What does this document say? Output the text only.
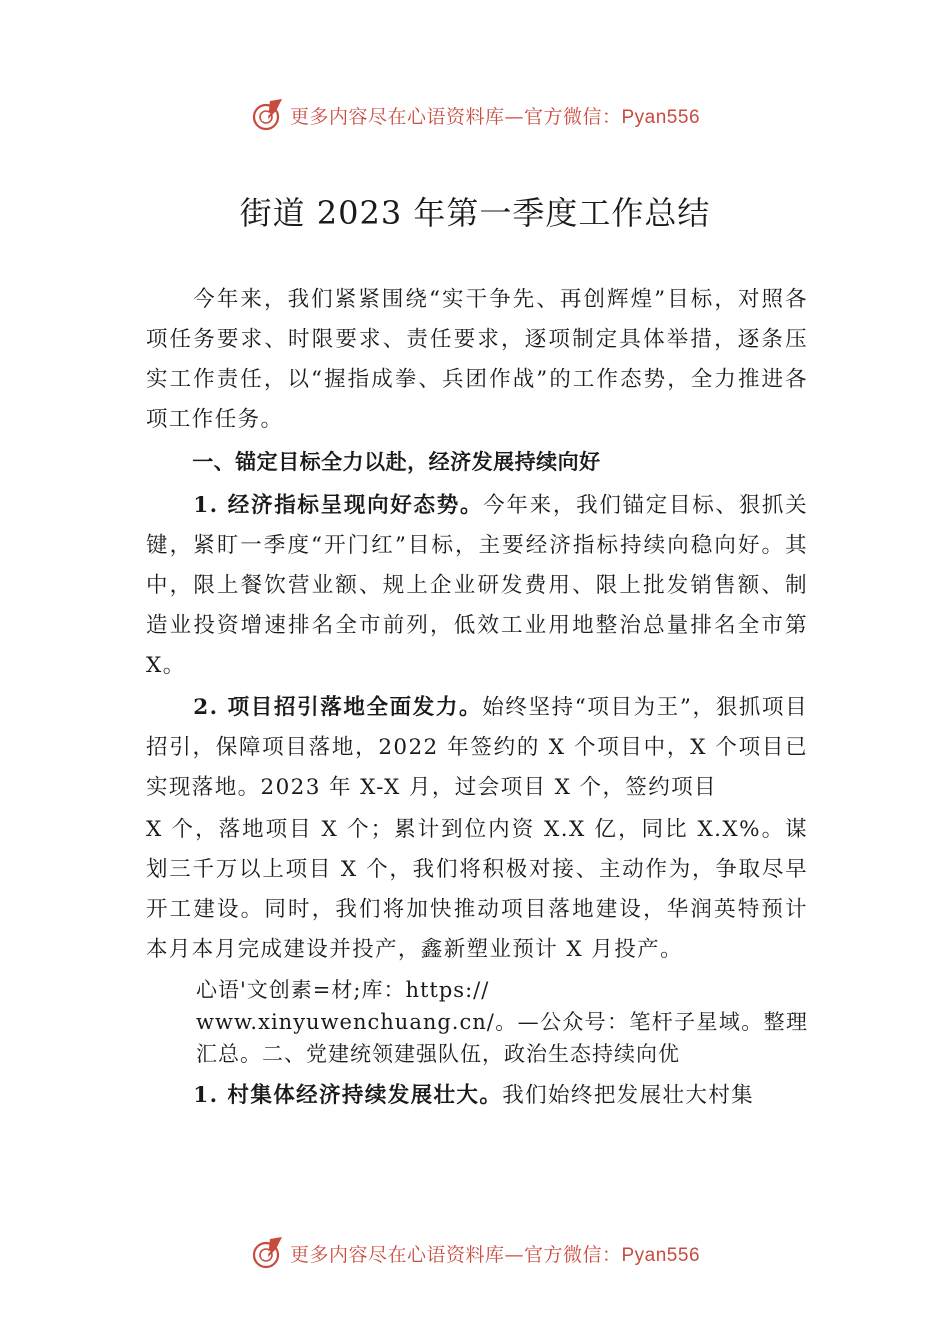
更多内容尽在心语资料库—官方微信：Pyan556
街道 2023 年第一季度工作总结

今年来，我们紧紧围绕“实干争先、再创辉煌”目标，对照各项任务要求、时限要求、责任要求，逐项制定具体举措，逐条压实工作责任，以“握指成拳、兵团作战”的工作态势，全力推进各项工作任务。

一、锚定目标全力以赴，经济发展持续向好

1. 经济指标呈现向好态势。今年来，我们锚定目标、狠抓关键，紧盯一季度“开门红”目标，主要经济指标持续向稳向好。其中，限上餐饮营业额、规上企业研发费用、限上批发销售额、制造业投资增速排名全市前列，低效工业用地整治总量排名全市第 X。

2. 项目招引落地全面发力。始终坚持“项目为王”，狠抓项目招引，保障项目落地，2022 年签约的 X 个项目中，X 个项目已实现落地。2023 年 X-X 月，过会项目 X 个，签约项目

X 个，落地项目 X 个；累计到位内资 X.X 亿，同比 X.X%。谋划三千万以上项目 X 个，我们将积极对接、主动作为，争取尽早开工建设。同时，我们将加快推动项目落地建设，华润英特预计本月本月完成建设并投产，鑫新塑业预计 X 月投产。

心语'文创素=材;库：https://

www.xinyuwenchuang.cn/。—公众号：笔杆子星域。整理汇总。二、党建统领建强队伍，政治生态持续向优

1. 村集体经济持续发展壮大。我们始终把发展壮大村集

更多内容尽在心语资料库—官方微信：Pyan556
